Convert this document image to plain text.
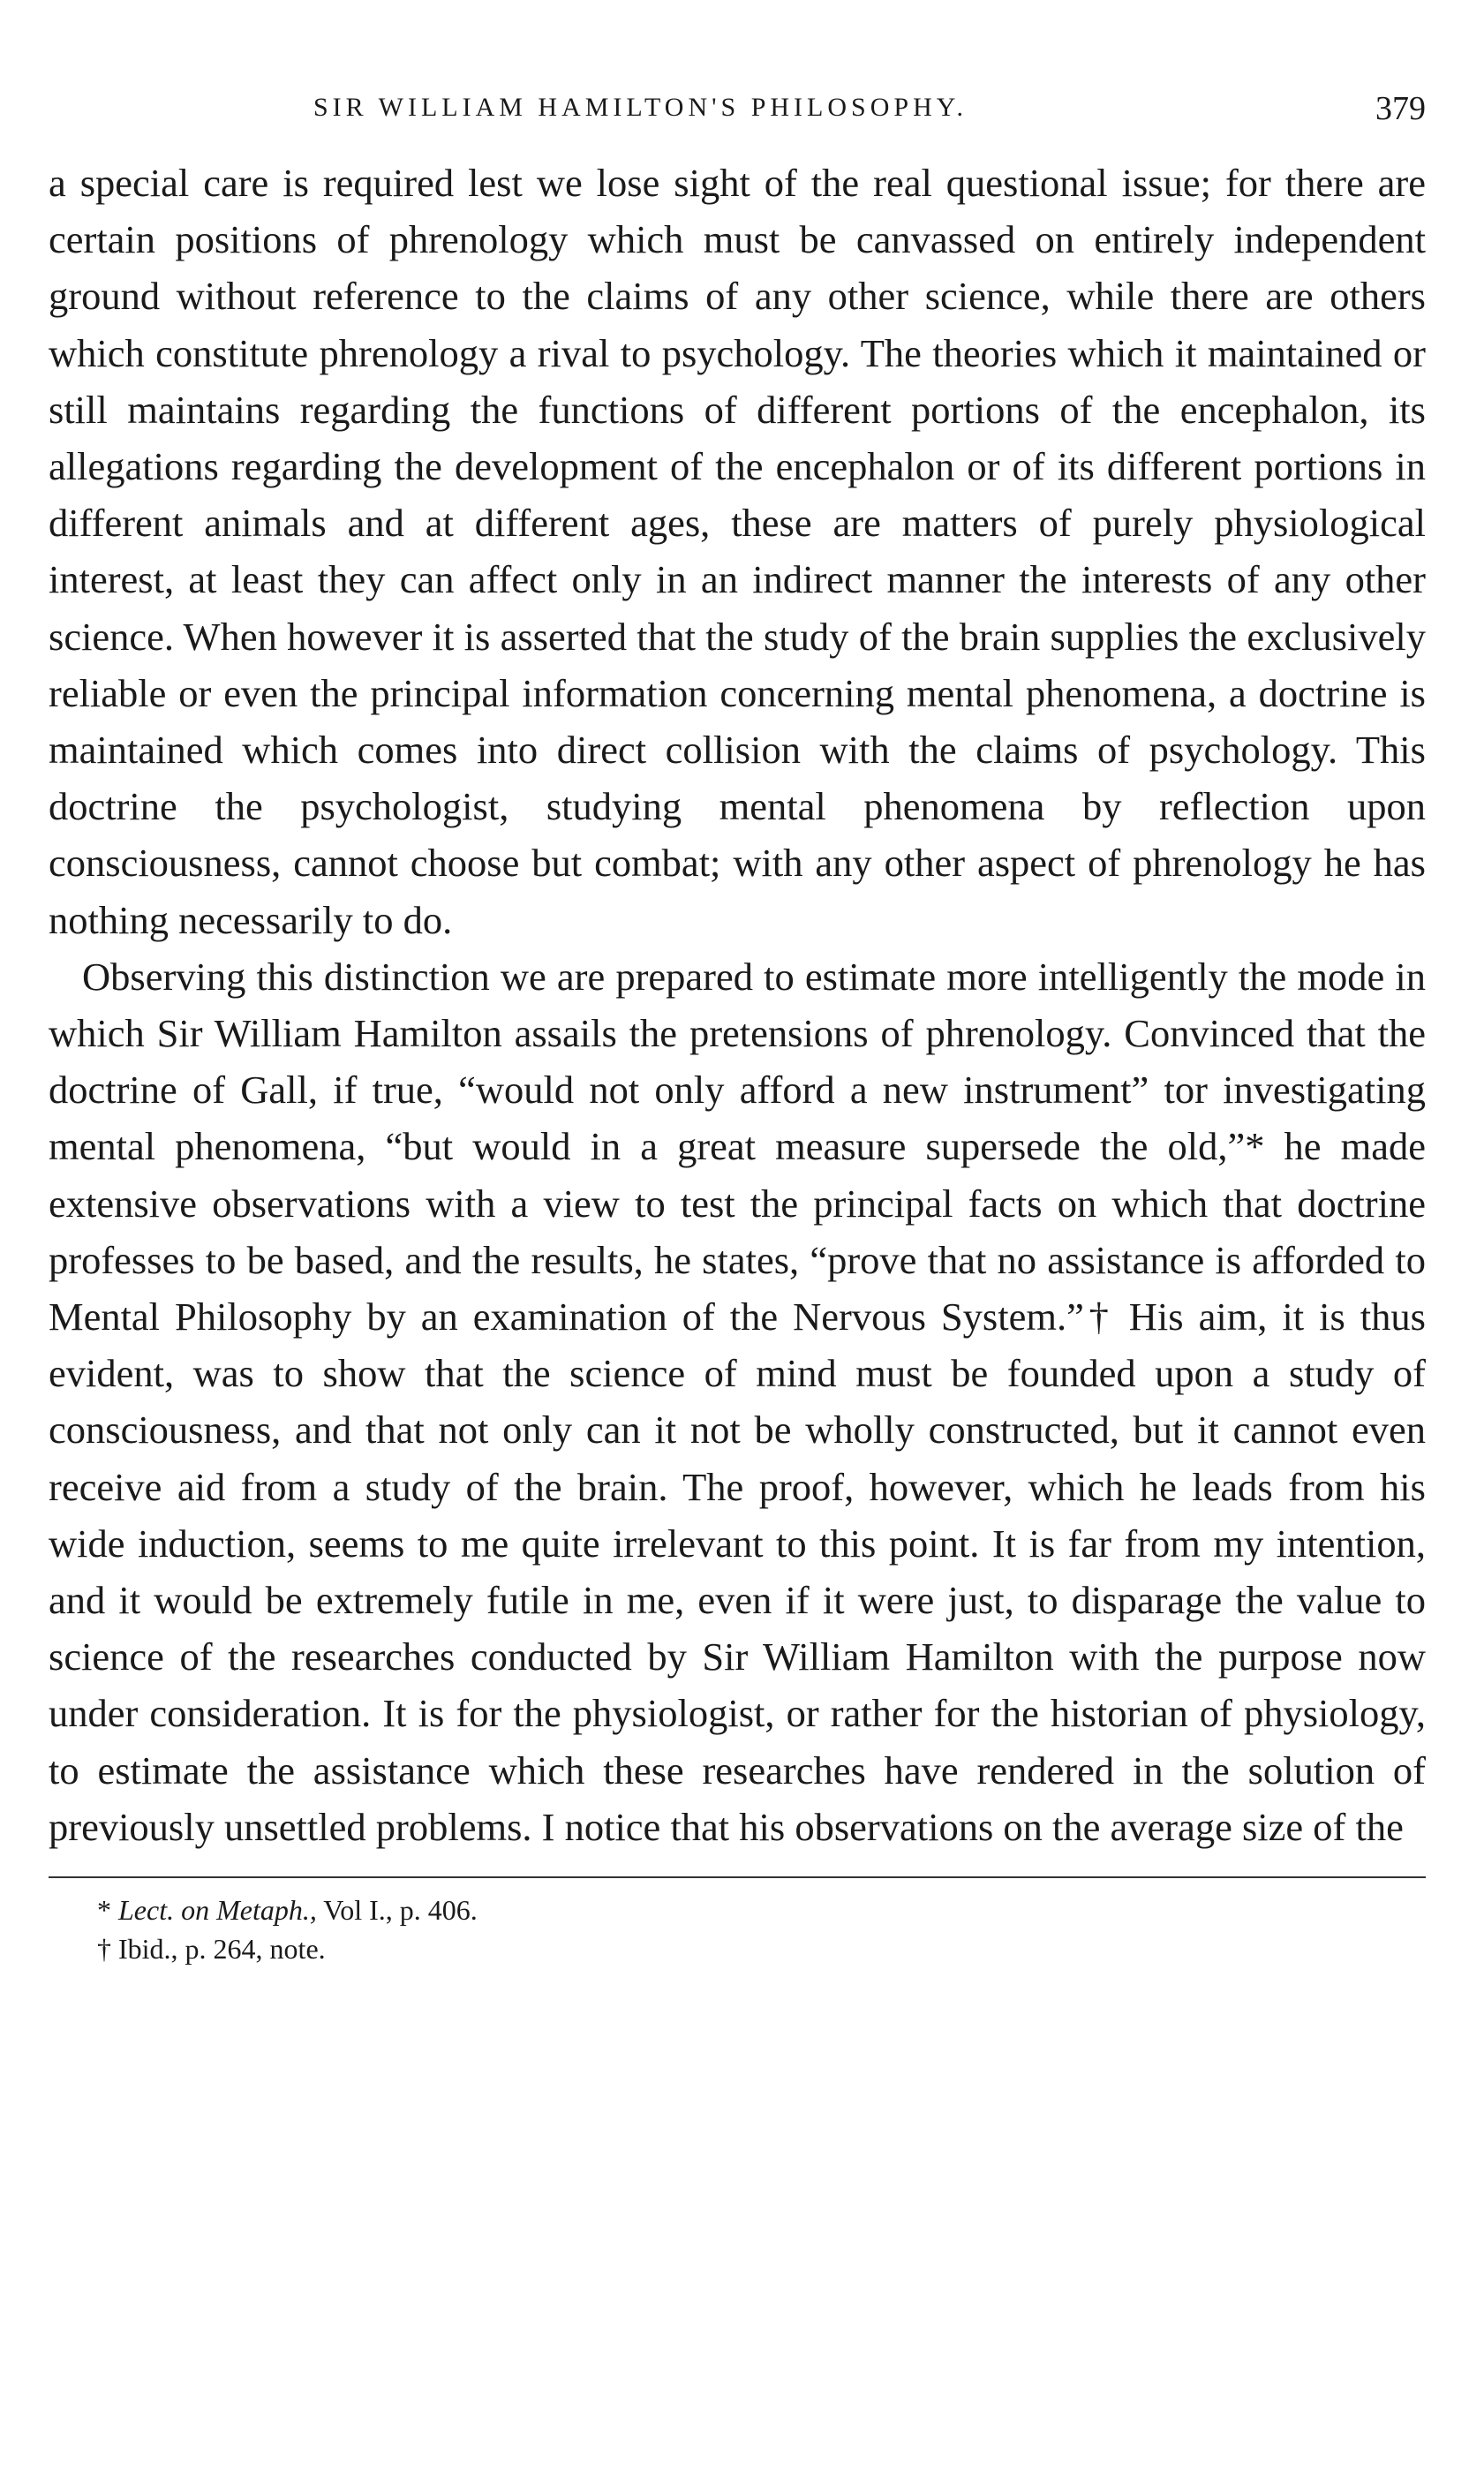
SIR WILLIAM HAMILTON'S PHILOSOPHY.	379

a special care is required lest we lose sight of the real questional issue; for there are certain positions of phrenology which must be canvassed on entirely independent ground without reference to the claims of any other science, while there are others which constitute phrenology a rival to psychology. The theories which it maintained or still maintains regarding the functions of different portions of the encephalon, its allegations regarding the development of the encephalon or of its different portions in different animals and at different ages, these are matters of purely physiological interest, at least they can affect only in an indirect manner the interests of any other science. When however it is asserted that the study of the brain supplies the exclusively reliable or even the principal information concerning mental phenomena, a doctrine is maintained which comes into direct collision with the claims of psychology. This doctrine the psychologist, studying mental phenomena by reflection upon consciousness, cannot choose but combat; with any other aspect of phrenology he has nothing necessarily to do.

Observing this distinction we are prepared to estimate more intelligently the mode in which Sir William Hamilton assails the pretensions of phrenology. Convinced that the doctrine of Gall, if true, “would not only afford a new instrument” tor investigating mental phenomena, “but would in a great measure supersede the old,”* he made extensive observations with a view to test the principal facts on which that doctrine professes to be based, and the results, he states, “prove that no assistance is afforded to Mental Philosophy by an examination of the Nervous System.”† His aim, it is thus evident, was to show that the science of mind must be founded upon a study of consciousness, and that not only can it not be wholly constructed, but it cannot even receive aid from a study of the brain. The proof, however, which he leads from his wide induction, seems to me quite irrelevant to this point. It is far from my intention, and it would be extremely futile in me, even if it were just, to disparage the value to science of the researches conducted by Sir William Hamilton with the purpose now under consideration. It is for the physiologist, or rather for the historian of physiology, to estimate the assistance which these researches have rendered in the solution of previously unsettled problems. I notice that his observations on the average size of the

* Lect. on Metaph., Vol I., p. 406.
† Ibid., p. 264, note.
